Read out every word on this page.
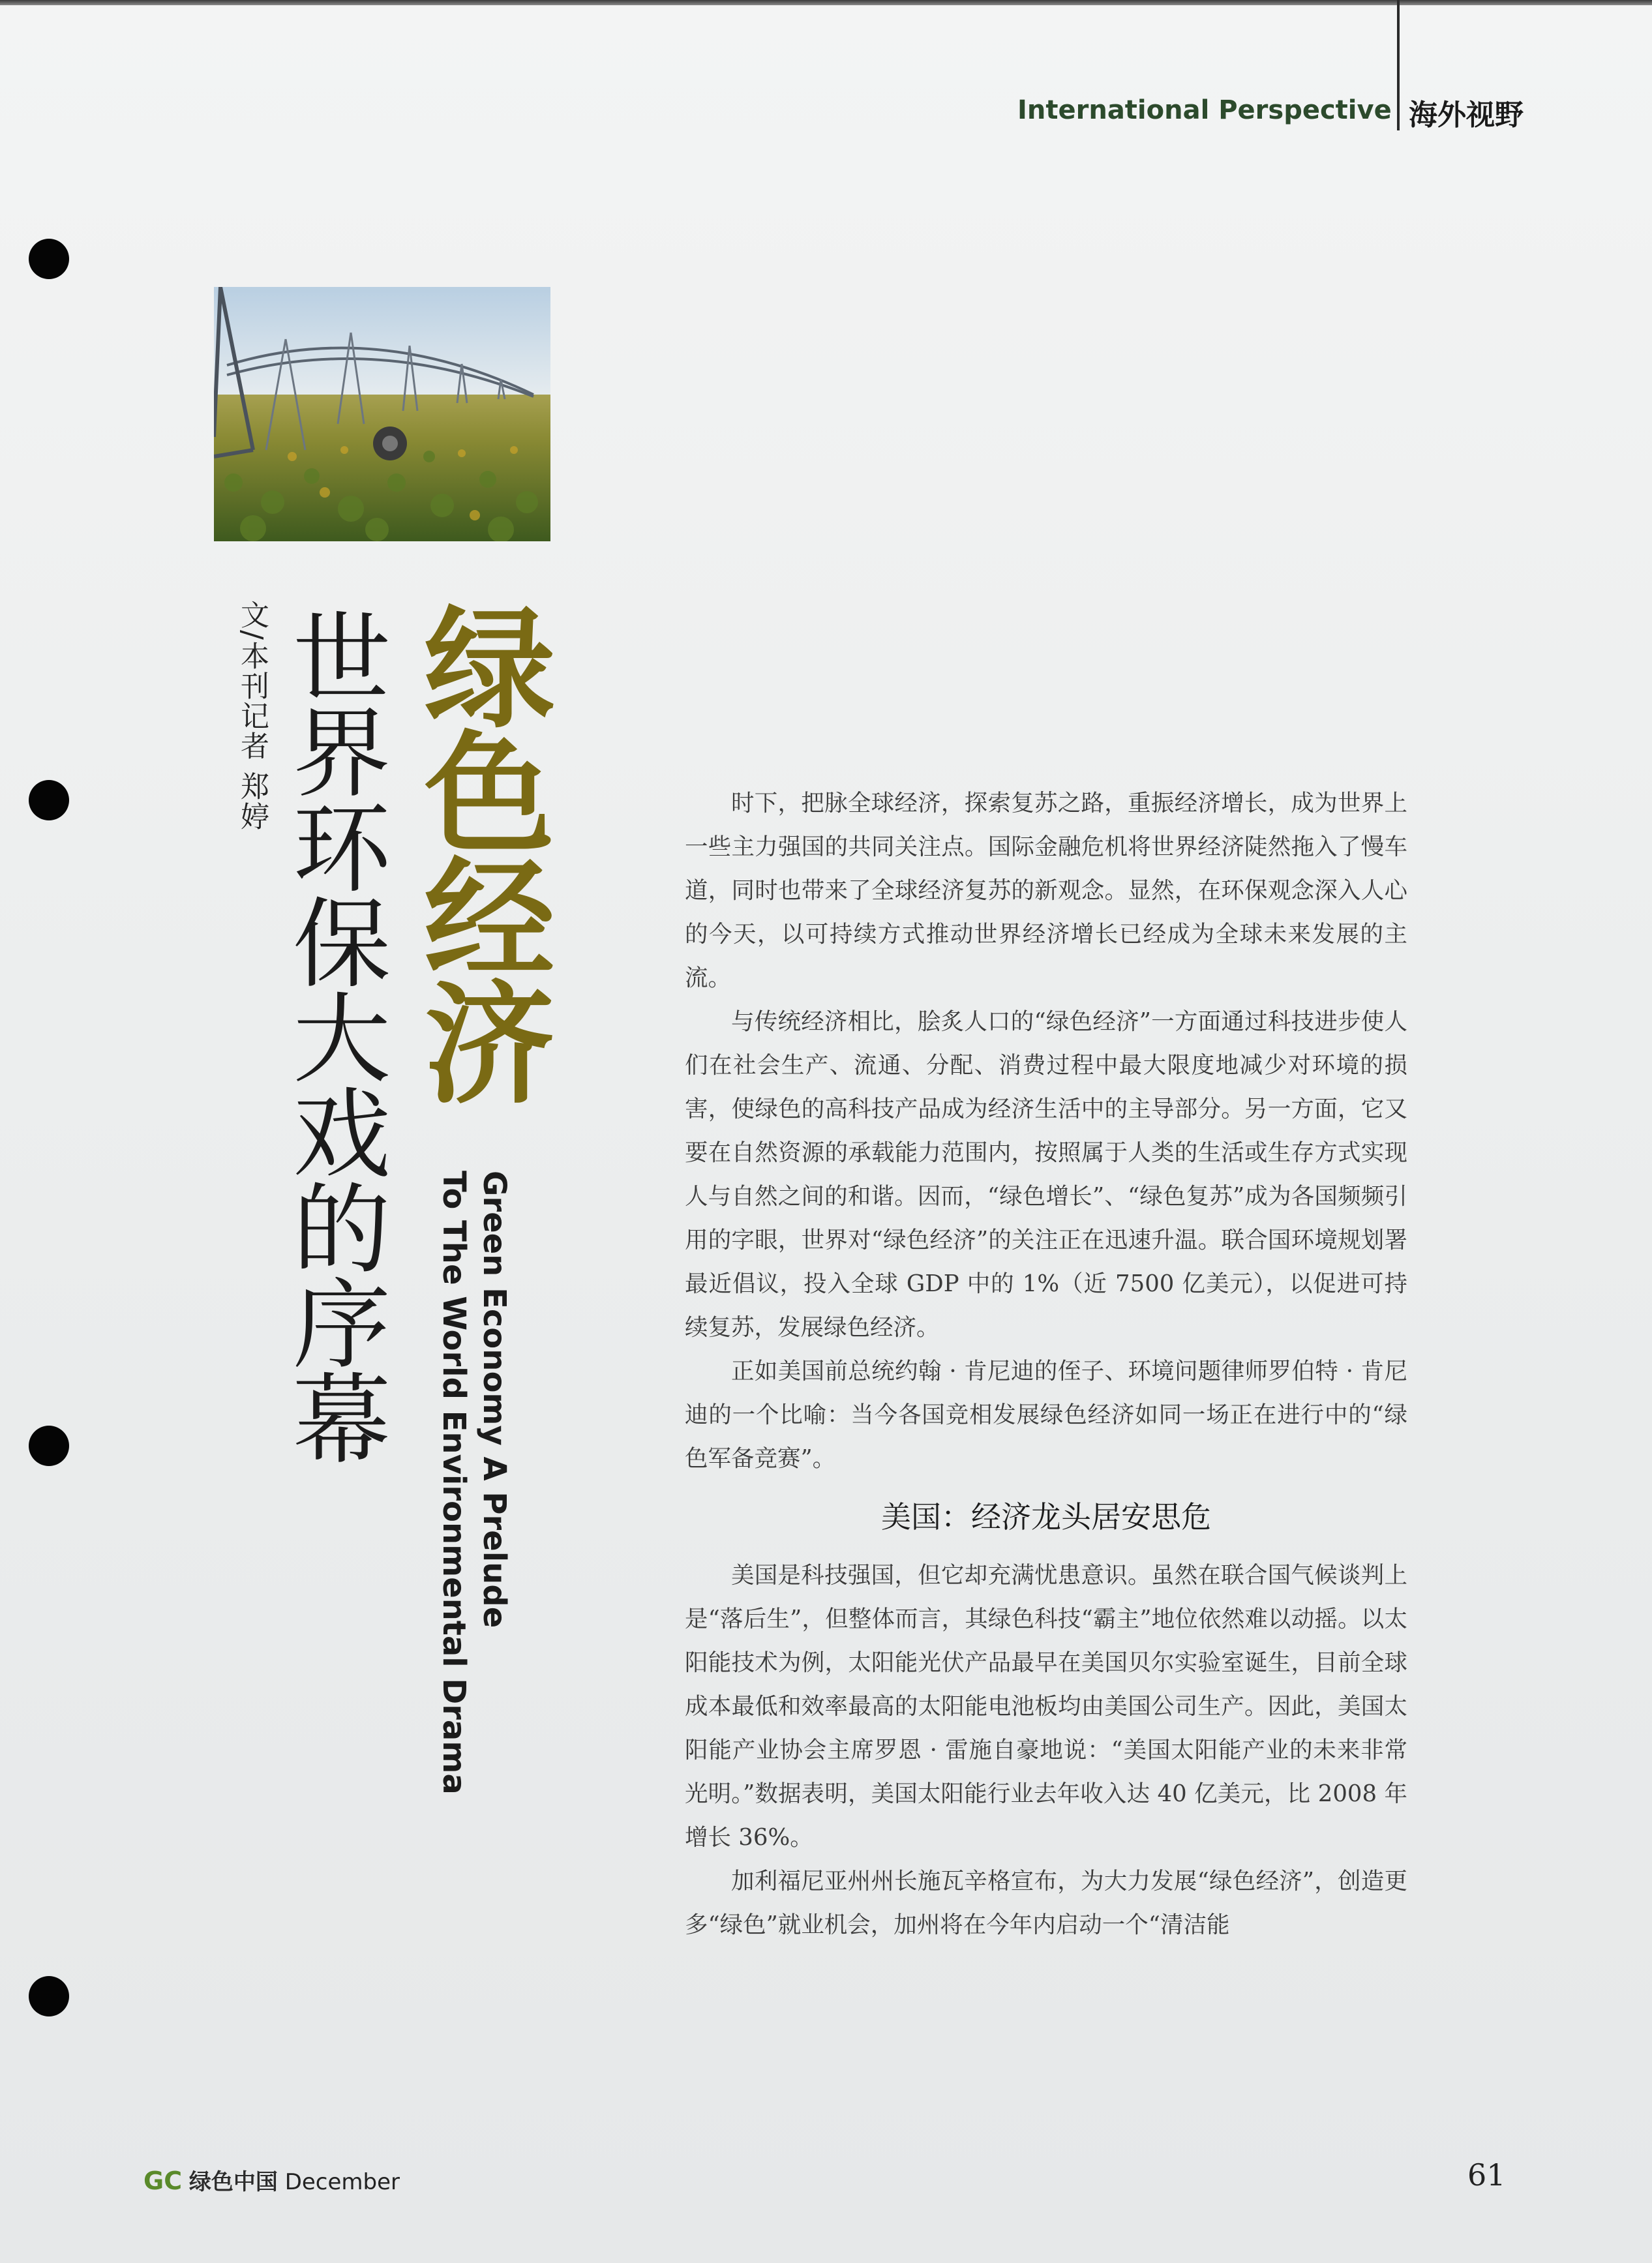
International Perspective 海外视野
绿色经济
世界环保大戏的序幕
文/本刊记者 郑婷
Green Economy A Prelude
To The World Environmental Drama

时下，把脉全球经济，探索复苏之路，重振经济增长，成为世界上一些主力强国的共同关注点。国际金融危机将世界经济陡然拖入了慢车道，同时也带来了全球经济复苏的新观念。显然，在环保观念深入人心的今天，以可持续方式推动世界经济增长已经成为全球未来发展的主流。

与传统经济相比，脍炙人口的“绿色经济”一方面通过科技进步使人们在社会生产、流通、分配、消费过程中最大限度地减少对环境的损害，使绿色的高科技产品成为经济生活中的主导部分。另一方面，它又要在自然资源的承载能力范围内，按照属于人类的生活或生存方式实现人与自然之间的和谐。因而，“绿色增长”、“绿色复苏”成为各国频频引用的字眼，世界对“绿色经济”的关注正在迅速升温。联合国环境规划署最近倡议，投入全球 GDP 中的 1%（近 7500 亿美元），以促进可持续复苏，发展绿色经济。

正如美国前总统约翰 · 肯尼迪的侄子、环境问题律师罗伯特 · 肯尼迪的一个比喻：当今各国竞相发展绿色经济如同一场正在进行中的“绿色军备竞赛”。

美国：经济龙头居安思危

美国是科技强国，但它却充满忧患意识。虽然在联合国气候谈判上是“落后生”，但整体而言，其绿色科技“霸主”地位依然难以动摇。以太阳能技术为例，太阳能光伏产品最早在美国贝尔实验室诞生，目前全球成本最低和效率最高的太阳能电池板均由美国公司生产。因此，美国太阳能产业协会主席罗恩 · 雷施自豪地说：“美国太阳能产业的未来非常光明。”数据表明，美国太阳能行业去年收入达 40 亿美元，比 2008 年增长 36%。

加利福尼亚州州长施瓦辛格宣布，为大力发展“绿色经济”，创造更多“绿色”就业机会，加州将在今年内启动一个“清洁能

GC 绿色中国 December	61
